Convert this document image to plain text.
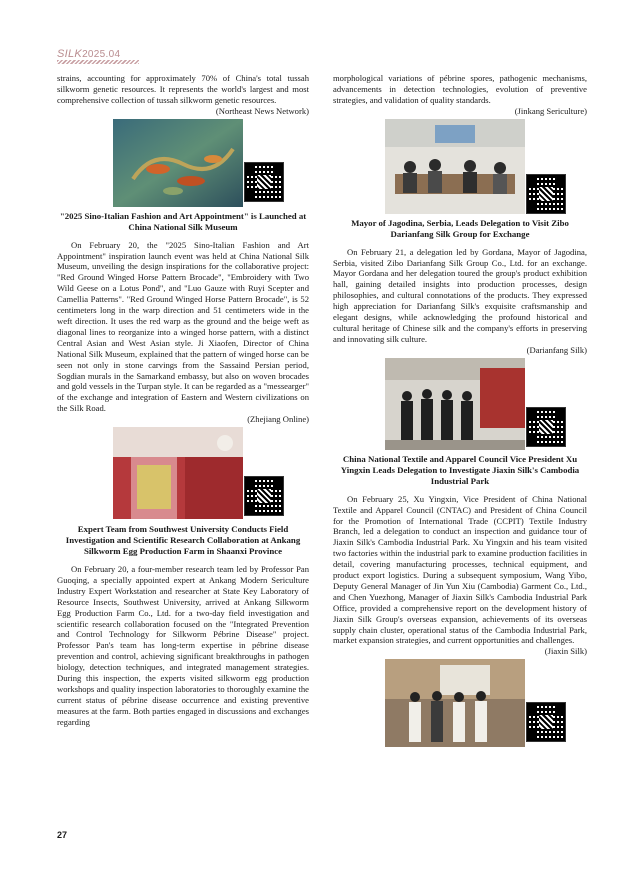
SILK2025.04

strains, accounting for approximately 70% of China's total tussah silkworm genetic resources. It represents the world's largest and most comprehensive collection of tussah silkworm genetic resources.

(Northeast News Network)
"2025 Sino-Italian Fashion and Art Appointment" is Launched at China National Silk Museum

On February 20, the "2025 Sino-Italian Fashion and Art Appointment" inspiration launch event was held at China National Silk Museum, unveiling the design inspirations for the collaborative project: "Red Ground Winged Horse Pattern Brocade", "Embroidery with Two Wild Geese on a Lotus Pond", and "Luo Gauze with Ruyi Scepter and Camellia Patterns". "Red Ground Winged Horse Pattern Brocade", is 52 centimeters long in the warp direction and 51 centimeters wide in the weft direction. It uses the red warp as the ground and the beige weft as diagonal lines to reorganize into a winged horse pattern, with a distinct Central Asian and West Asian style. Ji Xiaofen, Director of China National Silk Museum, explained that the pattern of winged horse can be seen not only in stone carvings from the Sassaind Persian period, Sogdian murals in the Samarkand embassy, but also on woven brocades and gold vessels in the Turpan style. It can be regarded as a "messearger" of the exchange and integration of Eastern and Western civilizations on the Silk Road.

(Zhejiang Online)
Expert Team from Southwest University Conducts Field Investigation and Scientific Research Collaboration at Ankang Silkworm Egg Production Farm in Shaanxi Province

On February 20, a four-member research team led by Professor Pan Guoqing, a specially appointed expert at Ankang Modern Sericulture Industry Expert Workstation and researcher at State Key Laboratory of Resource Insects, Southwest University, arrived at Ankang Silkworm Egg Production Farm Co., Ltd. for a two-day field investigation and scientific research collaboration focused on the "Integrated Prevention and Control Technology for Silkworm Pébrine Disease" project. Professor Pan's team has long-term expertise in pébrine disease prevention and control, achieving significant breakthroughs in pathogen biology, detection techniques, and integrated management strategies. During this inspection, the experts visited silkworm egg production workshops and quality inspection laboratories to thoroughly examine the current status of pébrine disease occurrence and existing preventive measures at the farm. Both parties engaged in discussions and exchanges regarding

morphological variations of pébrine spores, pathogenic mechanisms, advancements in detection technologies, evolution of preventive strategies, and validation of quality standards.

(Jinkang Sericulture)
Mayor of Jagodina, Serbia, Leads Delegation to Visit Zibo Darianfang Silk Group for Exchange

On February 21, a delegation led by Gordana, Mayor of Jagodina, Serbia, visited Zibo Darianfang Silk Group Co., Ltd. for an exchange. Mayor Gordana and her delegation toured the group's product exhibition hall, gaining detailed insights into production processes, design philosophies, and cultural connotations of the products. They expressed high appreciation for Darianfang Silk's exquisite craftsmanship and elegant designs, while acknowledging the profound historical and cultural heritage of Chinese silk and the company's efforts in preserving and innovating silk culture.

(Darianfang Silk)
China National Textile and Apparel Council Vice President Xu Yingxin Leads Delegation to Investigate Jiaxin Silk's Cambodia Industrial Park

On February 25, Xu Yingxin, Vice President of China National Textile and Apparel Council (CNTAC) and President of China Council for the Promotion of International Trade (CCPIT) Textile Industry Branch, led a delegation to conduct an inspection and guidance tour of Jiaxin Silk's Cambodia Industrial Park. Xu Yingxin and his team visited two factories within the industrial park to examine production facilities in detail, covering manufacturing processes, technical equipment, and product export logistics. During a subsequent symposium, Wang Yibo, Deputy General Manager of Jin Yun Xiu (Cambodia) Garment Co., Ltd., and Chen Yuezhong, Manager of Jiaxin Silk's Cambodia Industrial Park Office, provided a comprehensive report on the development history of Jiaxin Silk Group's overseas expansion, achievements of its overseas supply chain cluster, operational status of the Cambodia Industrial Park, market expansion strategies, and current opportunities and challenges.

(Jiaxin Silk)
27
